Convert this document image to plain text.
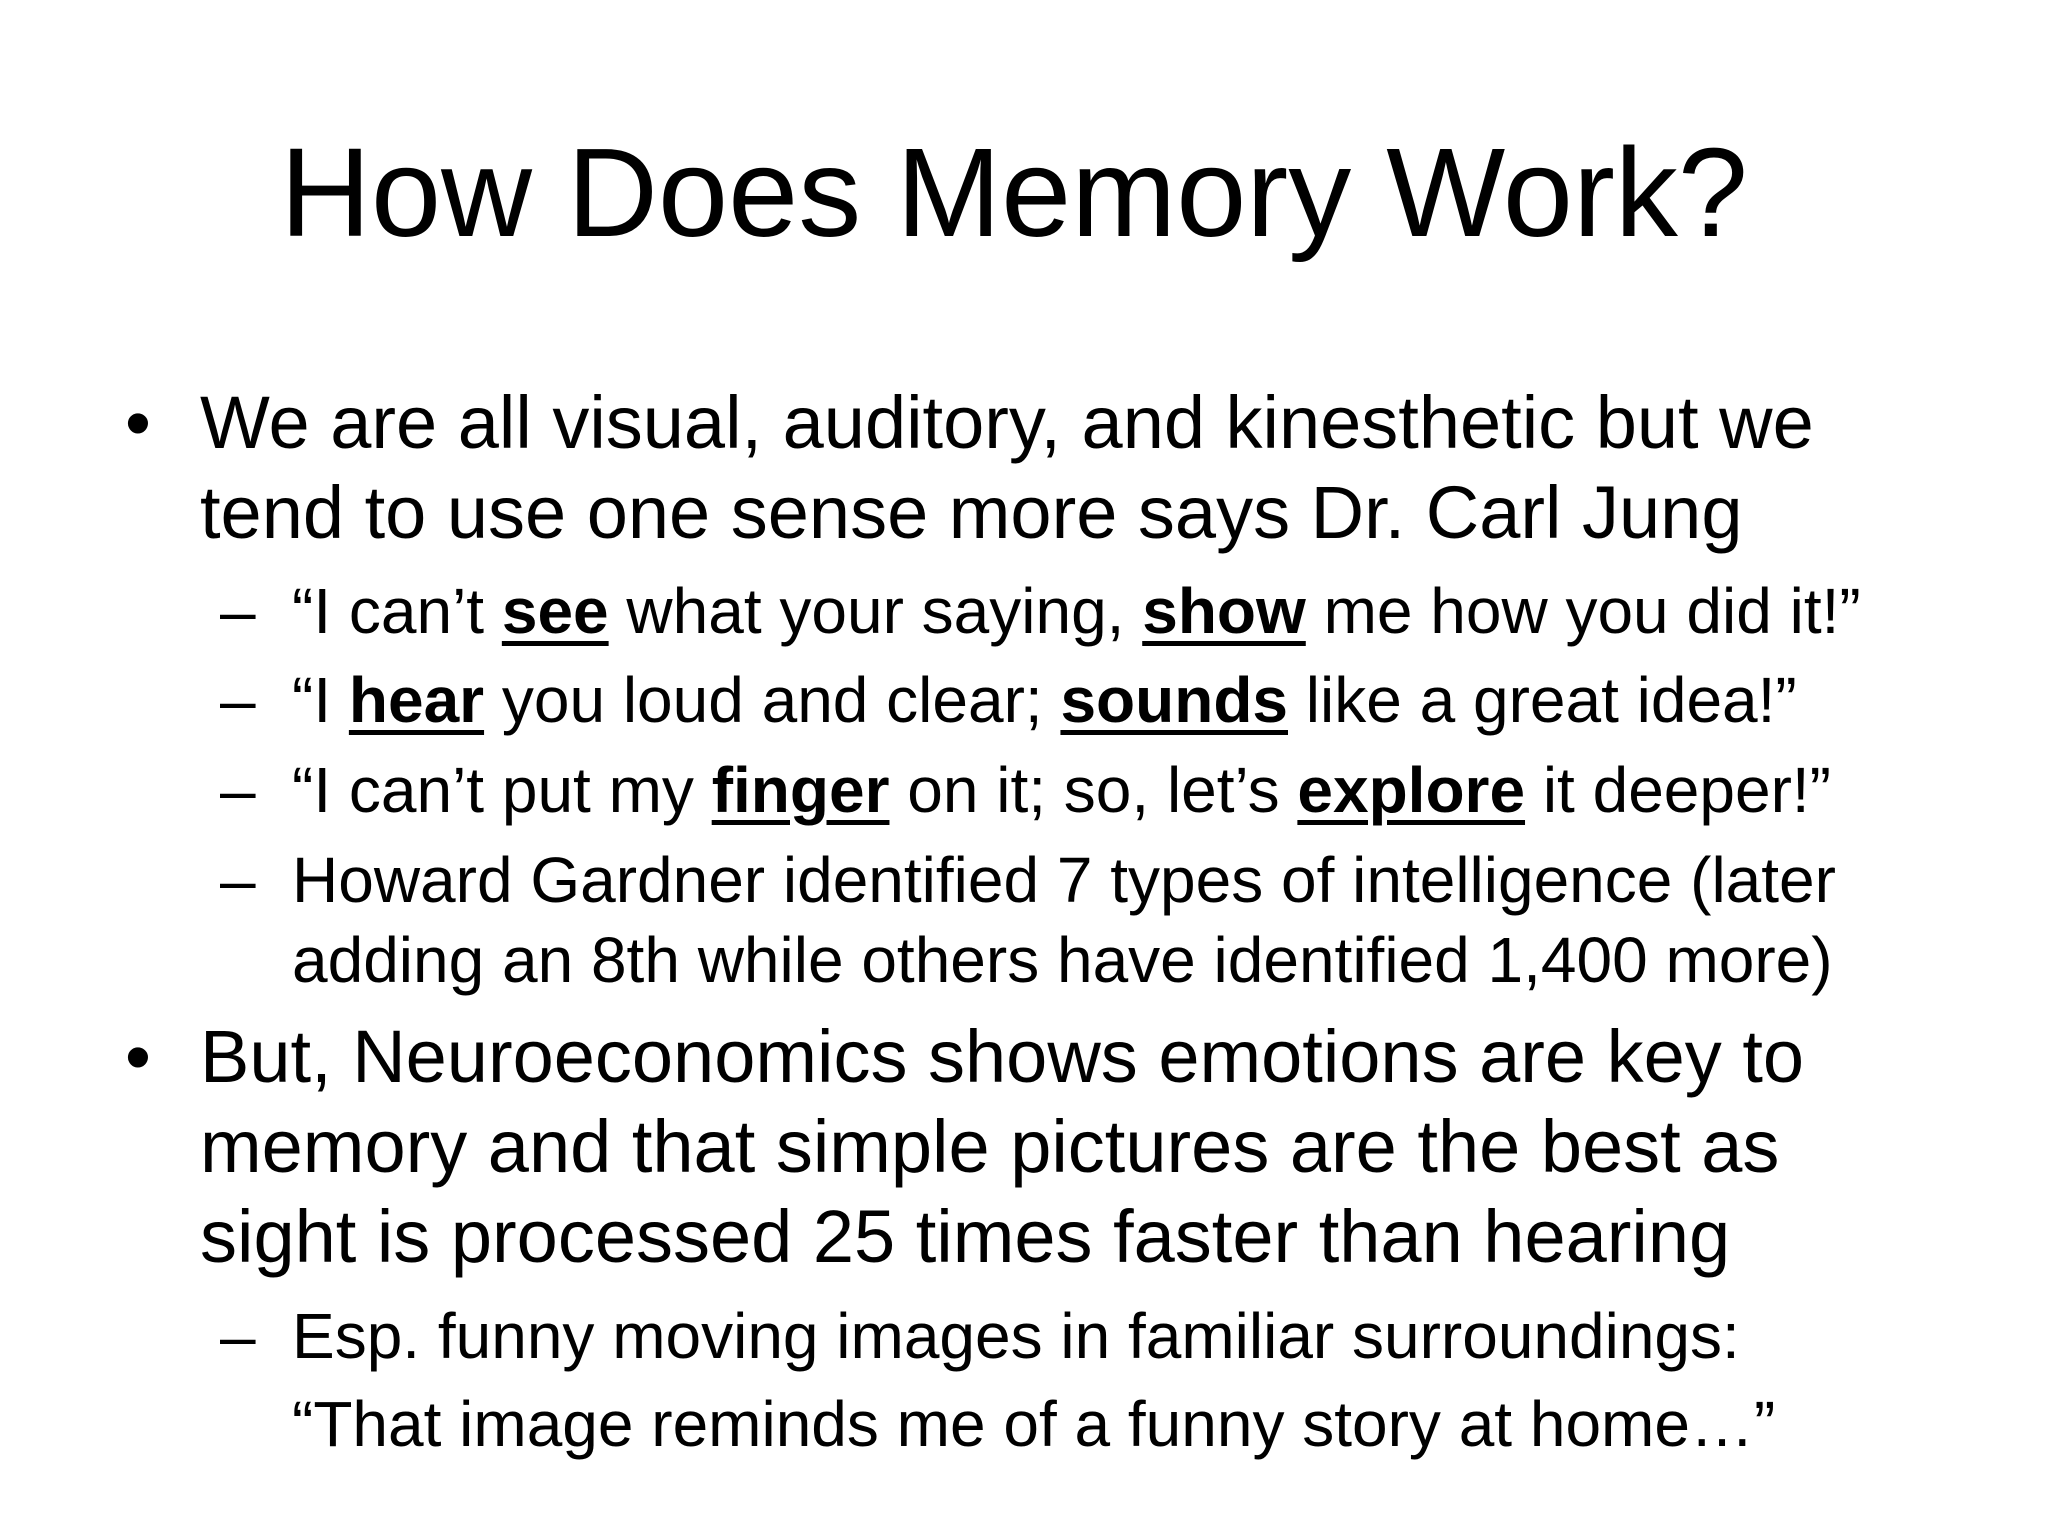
How Does Memory Work?
• We are all visual, auditory, and kinesthetic but we
tend to use one sense more says Dr. Carl Jung
– “I can’t see what your saying, show me how you did it!”
– “I hear you loud and clear; sounds like a great idea!”
– “I can’t put my finger on it; so, let’s explore it deeper!”
– Howard Gardner identified 7 types of intelligence (later
adding an 8th while others have identified 1,400 more)
• But, Neuroeconomics shows emotions are key to
memory and that simple pictures are the best as
sight is processed 25 times faster than hearing
– Esp. funny moving images in familiar surroundings:
“That image reminds me of a funny story at home…”
